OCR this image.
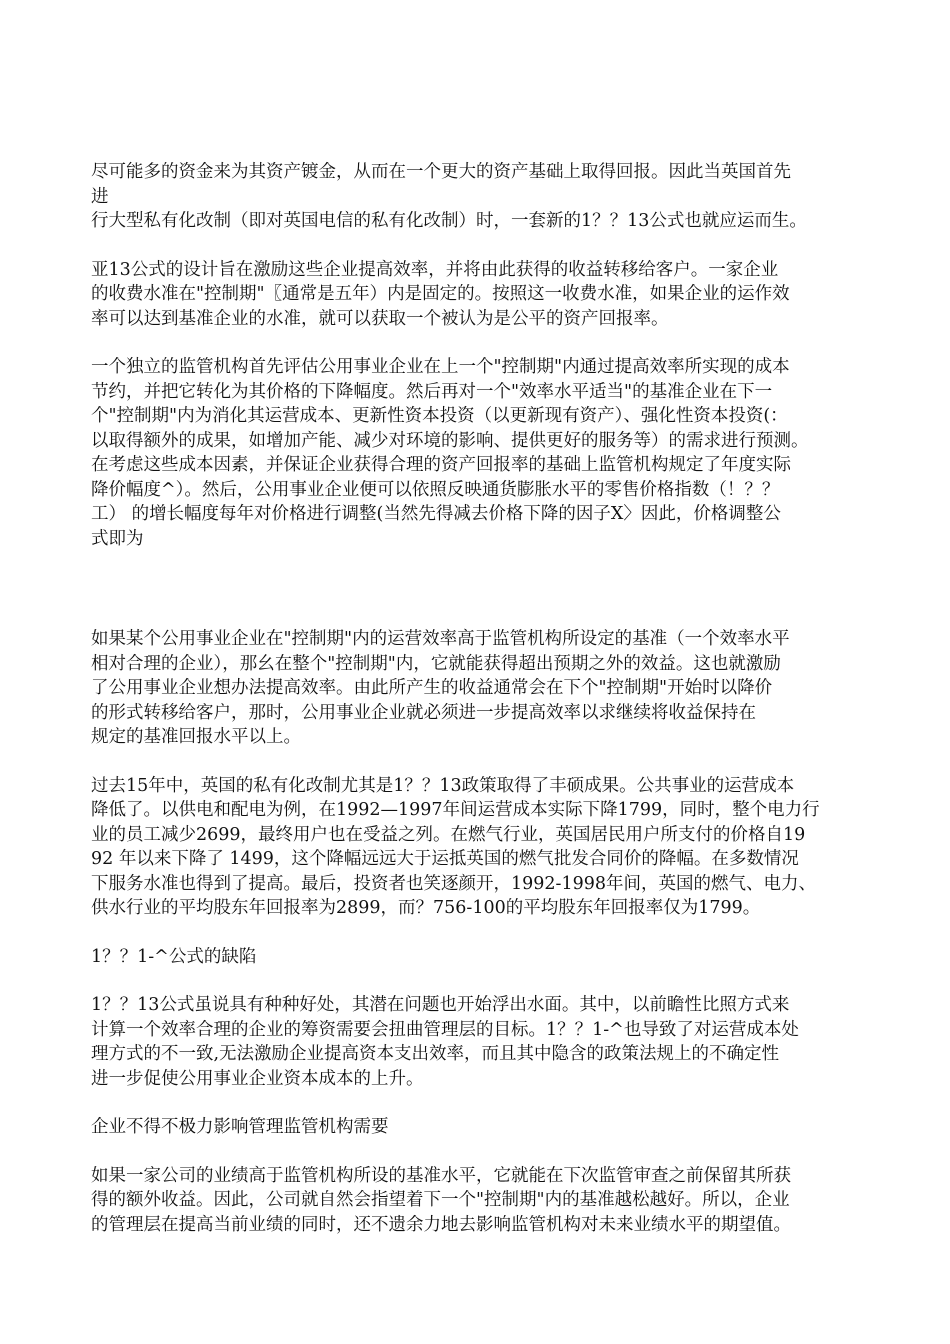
尽可能多的资金来为其资产镀金，从而在一个更大的资产基础上取得回报。因此当英国首先
进
行大型私有化改制（即对英国电信的私有化改制）时，一套新的1？？13公式也就应运而生。
亚13公式的设计旨在激励这些企业提高效率，并将由此获得的收益转移给客户。一家企业
的收费水准在"控制期"〖通常是五年）内是固定的。按照这一收费水准，如果企业的运作效
率可以达到基准企业的水准，就可以获取一个被认为是公平的资产回报率。
一个独立的监管机构首先评估公用事业企业在上一个"控制期"内通过提高效率所实现的成本
节约，并把它转化为其价格的下降幅度。然后再对一个"效率水平适当"的基准企业在下一
个"控制期"内为消化其运营成本、更新性资本投资（以更新现有资产）、强化性资本投资(：
以取得额外的成果，如增加产能、减少对环境的影响、提供更好的服务等）的需求进行预测。
在考虑这些成本因素，并保证企业获得合理的资产回报率的基础上监管机构规定了年度实际
降价幅度^）。然后，公用事业企业便可以依照反映通货膨胀水平的零售价格指数（！？？
工） 的增长幅度每年对价格进行调整(当然先得减去价格下降的因子X〉因此，价格调整公
式即为
如果某个公用事业企业在"控制期"内的运营效率高于监管机构所设定的基准（一个效率水平
相对合理的企业），那幺在整个"控制期"内，它就能获得超出预期之外的效益。这也就激励
了公用事业企业想办法提高效率。由此所产生的收益通常会在下个"控制期"开始时以降价
的形式转移给客户，那时，公用事业企业就必须进一步提高效率以求继续将收益保持在
规定的基准回报水平以上。
过去15年中，英国的私有化改制尤其是1？？13政策取得了丰硕成果。公共事业的运营成本
降低了。以供电和配电为例，在1992—1997年间运营成本实际下降1799，同时，整个电力行
业的员工减少2699，最终用户也在受益之列。在燃气行业，英国居民用户所支付的价格自19
92 年以来下降了 1499，这个降幅远远大于运抵英国的燃气批发合同价的降幅。在多数情况
下服务水准也得到了提高。最后，投资者也笑逐颜开，1992-1998年间，英国的燃气、电力、
供水行业的平均股东年回报率为2899，而？756-100的平均股东年回报率仅为1799。
1？？1-^公式的缺陷
1？？13公式虽说具有种种好处，其潜在问题也开始浮出水面。其中，以前瞻性比照方式来
计算一个效率合理的企业的筹资需要会扭曲管理层的目标。1？？1-^也导致了对运营成本处
理方式的不一致,无法激励企业提高资本支出效率，而且其中隐含的政策法规上的不确定性
进一步促使公用事业企业资本成本的上升。
企业不得不极力影响管理监管机构需要
如果一家公司的业绩高于监管机构所设的基准水平，它就能在下次监管审查之前保留其所获
得的额外收益。因此，公司就自然会指望着下一个"控制期"内的基准越松越好。所以，企业
的管理层在提高当前业绩的同时，还不遗余力地去影响监管机构对未来业绩水平的期望值。
